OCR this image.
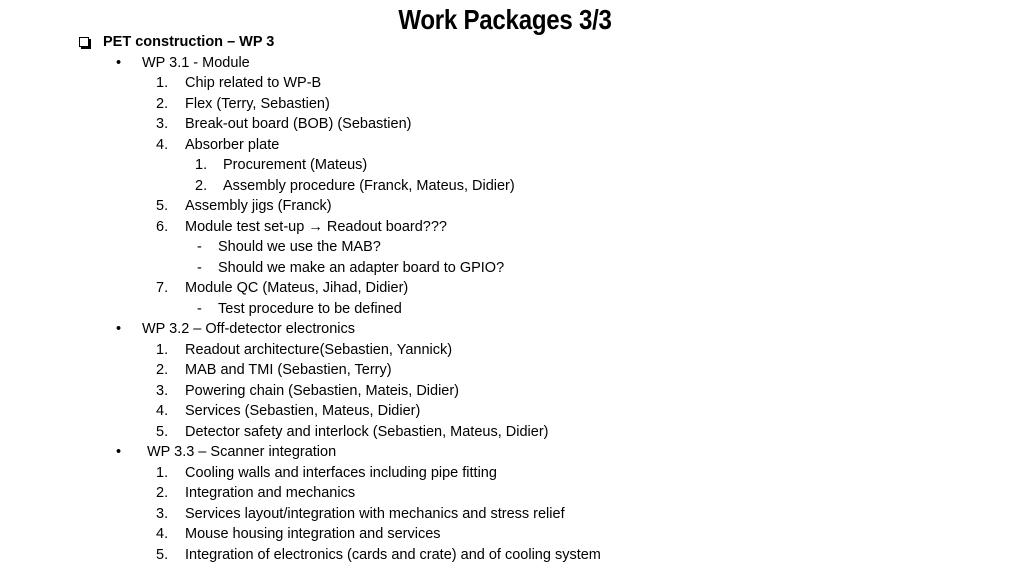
Work Packages 3/3
PET construction – WP 3
• WP 3.1 - Module
1. Chip related to WP-B
2. Flex (Terry, Sebastien)
3. Break-out board (BOB) (Sebastien)
4. Absorber plate
1. Procurement (Mateus)
2. Assembly procedure (Franck, Mateus, Didier)
5. Assembly jigs (Franck)
6. Module test set-up → Readout board???
- Should we use the MAB?
- Should we make an adapter board to GPIO?
7. Module QC (Mateus, Jihad, Didier)
- Test procedure to be defined
• WP 3.2 – Off-detector electronics
1. Readout architecture(Sebastien, Yannick)
2. MAB and TMI (Sebastien, Terry)
3. Powering chain (Sebastien, Mateis, Didier)
4. Services (Sebastien, Mateus, Didier)
5. Detector safety and interlock (Sebastien, Mateus, Didier)
• WP 3.3 – Scanner integration
1. Cooling walls and interfaces including pipe fitting
2. Integration and mechanics
3. Services layout/integration with mechanics and stress relief
4. Mouse housing integration and services
5. Integration of electronics (cards and crate) and of cooling system
